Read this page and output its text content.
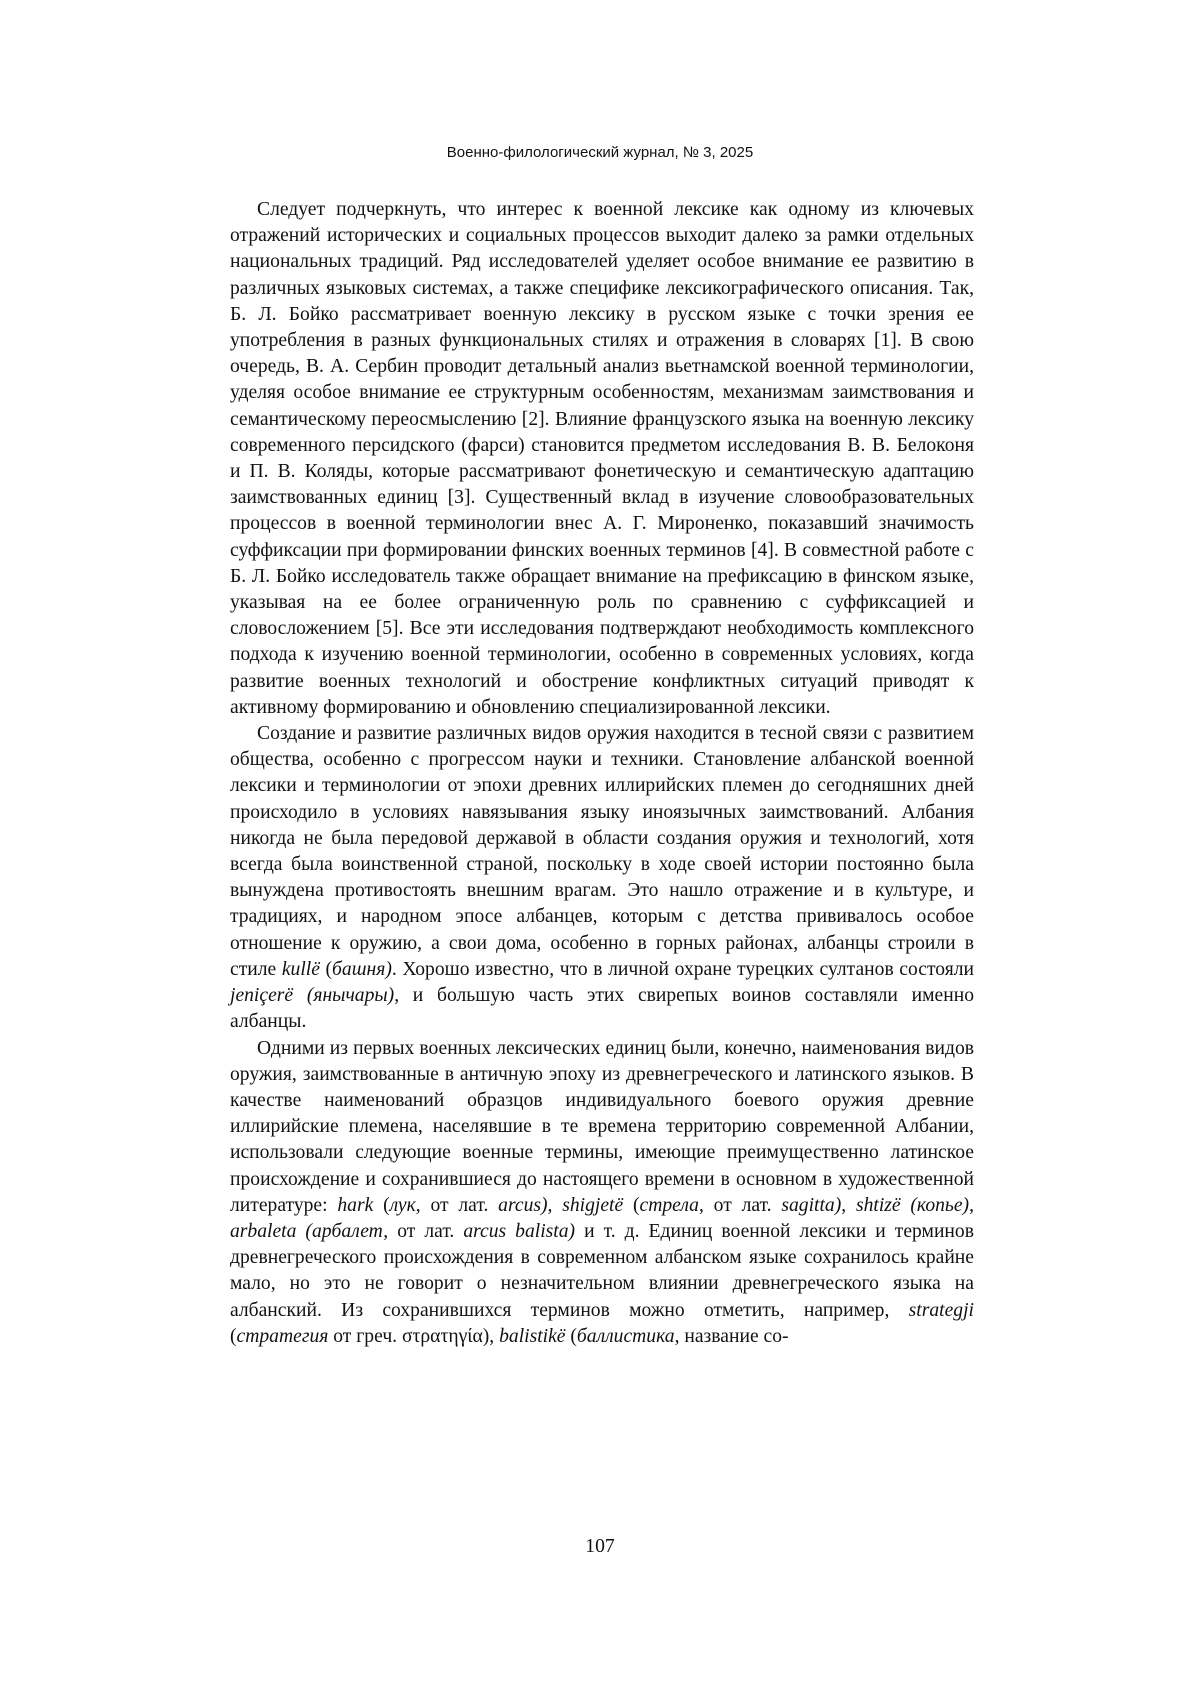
Военно-филологический журнал, № 3, 2025

Следует подчеркнуть, что интерес к военной лексике как одному из ключевых отражений исторических и социальных процессов выходит далеко за рамки отдельных национальных традиций. Ряд исследователей уделяет особое внимание ее развитию в различных языковых системах, а также специфике лексикографического описания. Так, Б. Л. Бойко рассматривает военную лексику в русском языке с точки зрения ее употребления в разных функциональных стилях и отражения в словарях [1]. В свою очередь, В. А. Сербин проводит детальный анализ вьетнамской военной терминологии, уделяя особое внимание ее структурным особенностям, механизмам заимствования и семантическому переосмыслению [2]. Влияние французского языка на военную лексику современного персидского (фарси) становится предметом исследования В. В. Белоконя и П. В. Коляды, которые рассматривают фонетическую и семантическую адаптацию заимствованных единиц [3]. Существенный вклад в изучение словообразовательных процессов в военной терминологии внес А. Г. Мироненко, показавший значимость суффиксации при формировании финских военных терминов [4]. В совместной работе с Б. Л. Бойко исследователь также обращает внимание на префиксацию в финском языке, указывая на ее более ограниченную роль по сравнению с суффиксацией и словосложением [5]. Все эти исследования подтверждают необходимость комплексного подхода к изучению военной терминологии, особенно в современных условиях, когда развитие военных технологий и обострение конфликтных ситуаций приводят к активному формированию и обновлению специализированной лексики.

Создание и развитие различных видов оружия находится в тесной связи с развитием общества, особенно с прогрессом науки и техники. Становление албанской военной лексики и терминологии от эпохи древних иллирийских племен до сегодняшних дней происходило в условиях навязывания языку иноязычных заимствований. Албания никогда не была передовой державой в области создания оружия и технологий, хотя всегда была воинственной страной, поскольку в ходе своей истории постоянно была вынуждена противостоять внешним врагам. Это нашло отражение и в культуре, и традициях, и народном эпосе албанцев, которым с детства прививалось особое отношение к оружию, а свои дома, особенно в горных районах, албанцы строили в стиле kullë (башня). Хорошо известно, что в личной охране турецких султанов состояли jeniçerë (янычары), и большую часть этих свирепых воинов составляли именно албанцы.

Одними из первых военных лексических единиц были, конечно, наименования видов оружия, заимствованные в античную эпоху из древнегреческого и латинского языков. В качестве наименований образцов индивидуального боевого оружия древние иллирийские племена, населявшие в те времена территорию современной Албании, использовали следующие военные термины, имеющие преимущественно латинское происхождение и сохранившиеся до настоящего времени в основном в художественной литературе: hark (лук, от лат. arcus), shigjetë (стрела, от лат. sagitta), shtizë (копье), arbaleta (арбалет, от лат. arcus balista) и т. д. Единиц военной лексики и терминов древнегреческого происхождения в современном албанском языке сохранилось крайне мало, но это не говорит о незначительном влиянии древнегреческого языка на албанский. Из сохранившихся терминов можно отметить, например, strategji (стратегия от греч. στρατηγία), balistikë (баллистика, название со-

107
